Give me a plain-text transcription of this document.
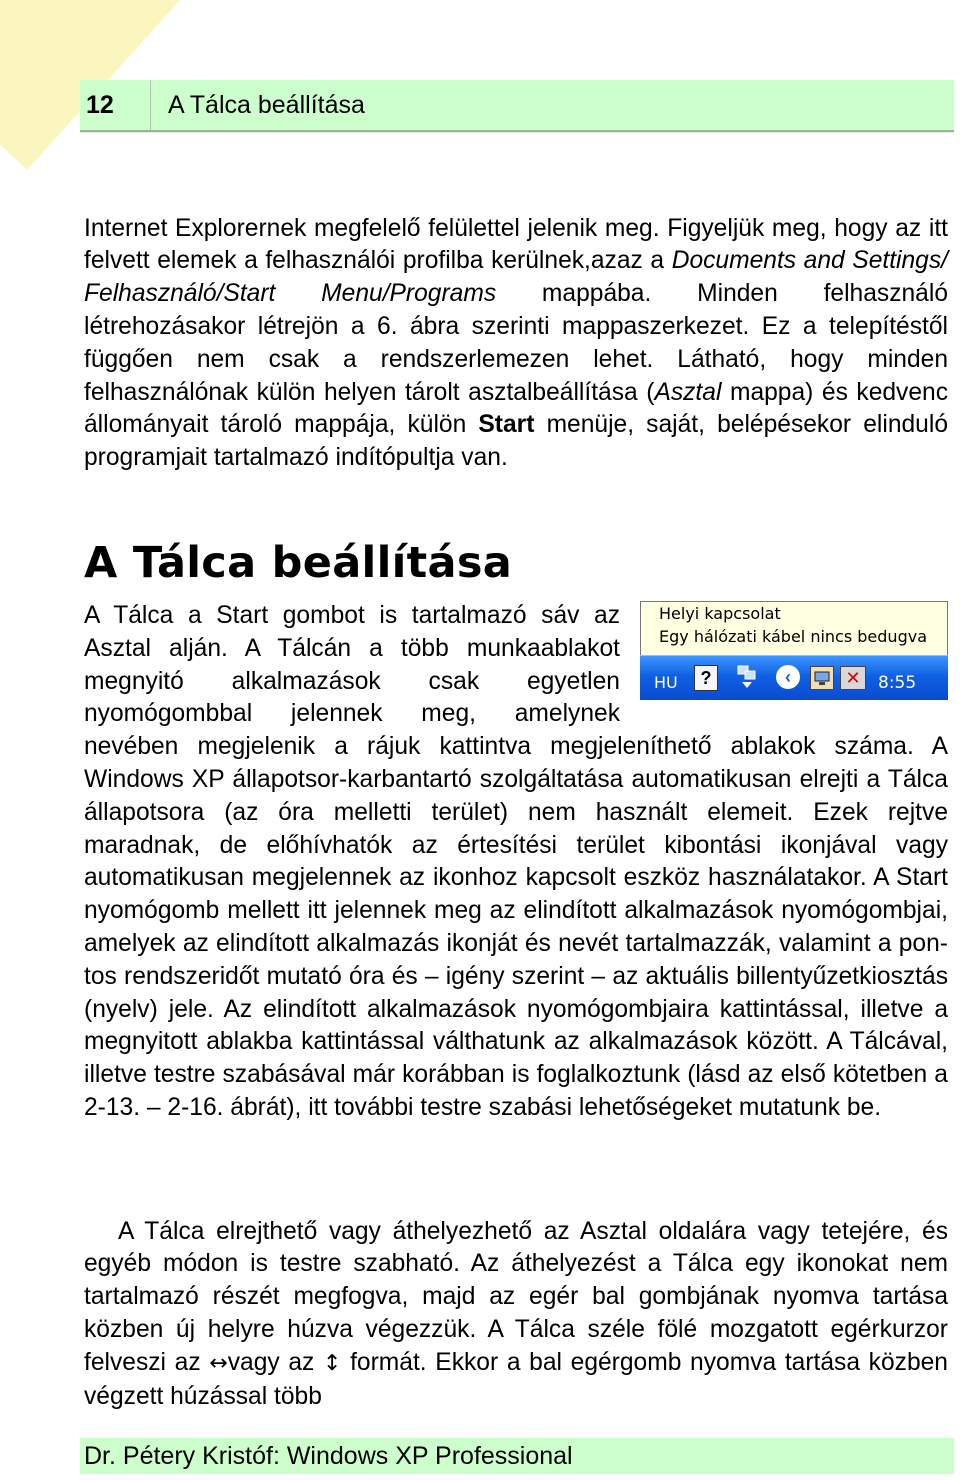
12	A Tálca beállítása

Internet Explorernek megfelelő felülettel jelenik meg. Figyeljük meg, hogy az itt felvett elemek a felhasználói profilba kerülnek,azaz a Documents and Settings/ Felhasználó/Start Menu/Programs mappába. Minden felhasználó létrehozásakor létrejön a 6. ábra szerinti mappaszerkezet. Ez a telepítéstől függően nem csak a rendszerlemezen lehet. Látható, hogy minden felhasználónak külön helyen tárolt asztalbeállítása (Asztal mappa) és kedvenc állományait tároló mappája, külön Start menüje, saját, belépésekor elinduló programjait tartalmazó indítópultja van.

A Tálca beállítása
Helyi kapcsolat
Egy hálózati kábel nincs bedugva
HU	?	‹	✕	8:55
A Tálca a Start gombot is tartalmazó sáv az Asztal alján. A Tálcán a több munkaablakot megnyitó alkalmazások csak egyetlen nyomógombbal jelennek meg, amelynek nevében megjelenik a rájuk kattintva megjeleníthető ablakok száma. A Windows XP állapotsor-karbantartó szolgáltatása automatikusan elrejti a Tálca állapotsora (az óra melletti terület) nem használt elemeit. Ezek rejtve maradnak, de előhívhatók az értesítési terület kibontási ikonjával vagy automatikusan megjelennek az ikonhoz kapcsolt eszköz használatakor. A Start nyomógomb mellett itt jelennek meg az elindított alkalmazások nyomógombjai, amelyek az elindított alkalmazás ikonját és nevét tartalmazzák, valamint a pontos rendszeridőt mutató óra és – igény szerint – az aktuális billentyűzetkiosztás (nyelv) jele. Az elindított alkalmazások nyomógombjaira kattintással, illetve a megnyitott ablakba kattintással válthatunk az alkalmazások között. A Tálcával, illetve testre szabásával már korábban is foglalkoztunk (lásd az első kötetben a 2-13. – 2-16. ábrát), itt további testre szabási lehetőségeket mutatunk be.

A Tálca elrejthető vagy áthelyezhető az Asztal oldalára vagy tetejére, és egyéb módon is testre szabható. Az áthelyezést a Tálca egy ikonokat nem tartalmazó részét megfogva, majd az egér bal gombjának nyomva tartása közben új helyre húzva végezzük. A Tálca széle fölé mozgatott egérkurzor felveszi az ↔vagy az ↕ formát. Ekkor a bal egérgomb nyomva tartása közben végzett húzással több

Dr. Pétery Kristóf: Windows XP Professional
